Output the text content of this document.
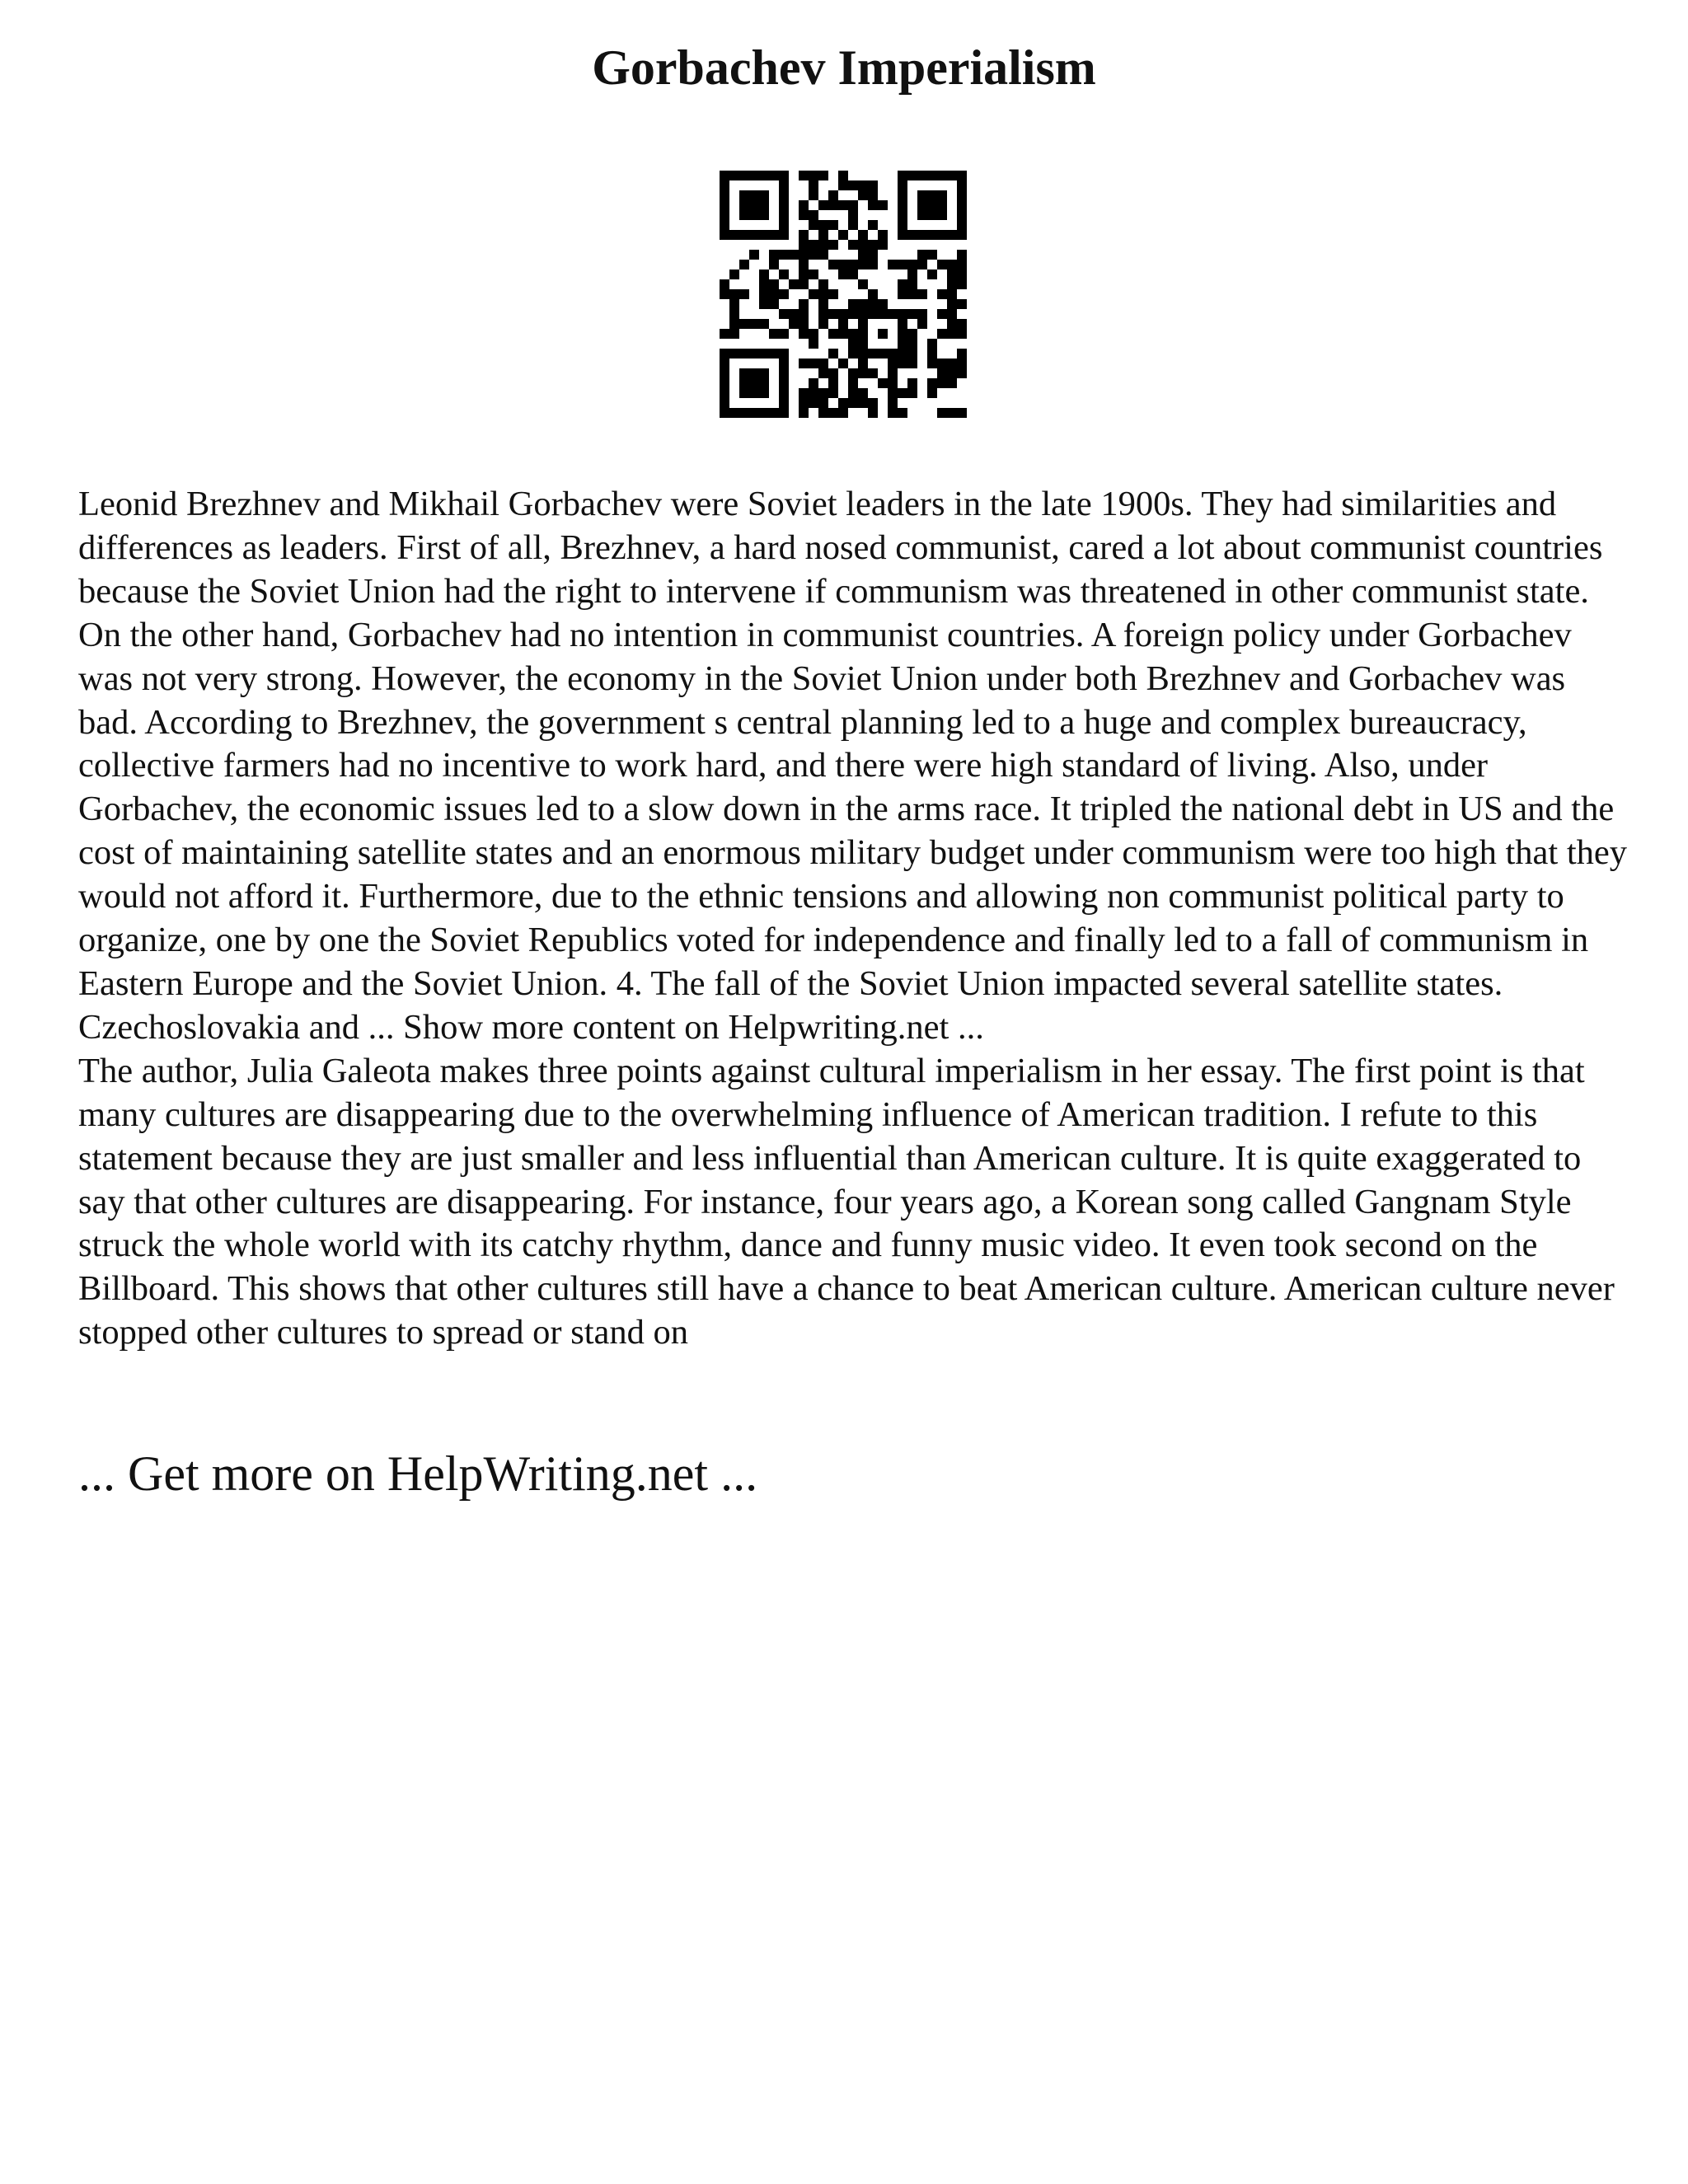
Gorbachev Imperialism

Leonid Brezhnev and Mikhail Gorbachev were Soviet leaders in the late 1900s. They had similarities and differences as leaders. First of all, Brezhnev, a hard nosed communist, cared a lot about communist countries because the Soviet Union had the right to intervene if communism was threatened in other communist state. On the other hand, Gorbachev had no intention in communist countries. A foreign policy under Gorbachev was not very strong. However, the economy in the Soviet Union under both Brezhnev and Gorbachev was bad. According to Brezhnev, the government s central planning led to a huge and complex bureaucracy, collective farmers had no incentive to work hard, and there were high standard of living. Also, under Gorbachev, the economic issues led to a slow down in the arms race. It tripled the national debt in US and the cost of maintaining satellite states and an enormous military budget under communism were too high that they would not afford it. Furthermore, due to the ethnic tensions and allowing non communist political party to organize, one by one the Soviet Republics voted for independence and finally led to a fall of communism in Eastern Europe and the Soviet Union. 4. The fall of the Soviet Union impacted several satellite states. Czechoslovakia and ... Show more content on Helpwriting.net ...

The author, Julia Galeota makes three points against cultural imperialism in her essay. The first point is that many cultures are disappearing due to the overwhelming influence of American tradition. I refute to this statement because they are just smaller and less influential than American culture. It is quite exaggerated to say that other cultures are disappearing. For instance, four years ago, a Korean song called Gangnam Style struck the whole world with its catchy rhythm, dance and funny music video. It even took second on the Billboard. This shows that other cultures still have a chance to beat American culture. American culture never stopped other cultures to spread or stand on

... Get more on HelpWriting.net ...
